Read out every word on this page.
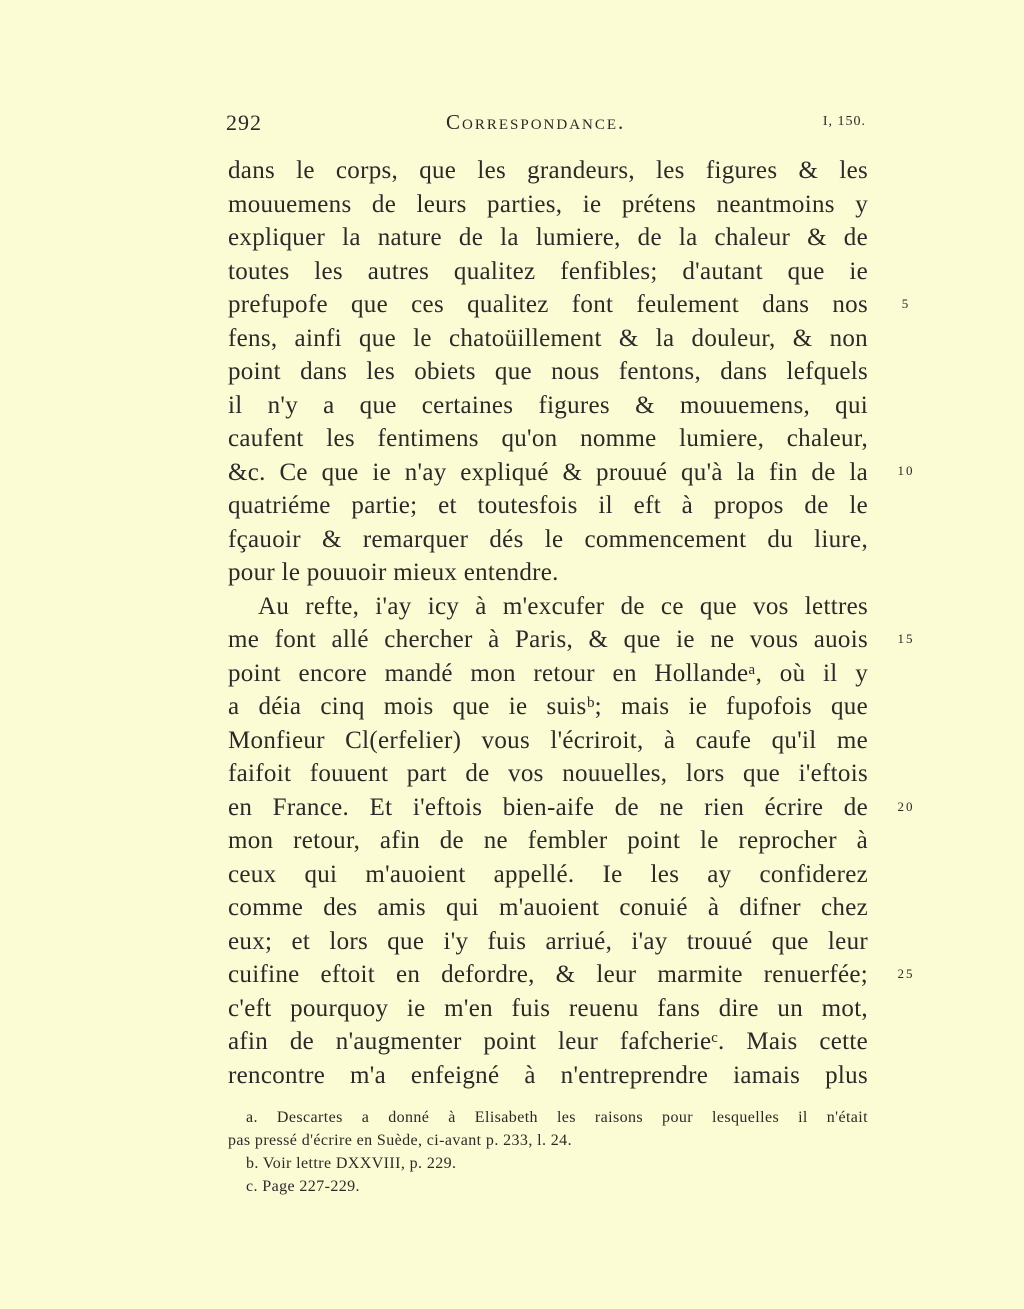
292	Correspondance.	I, 150.
dans le corps, que les grandeurs, les figures & les
mouuemens de leurs parties, ie prétens neantmoins y
expliquer la nature de la lumiere, de la chaleur & de
toutes les autres qualitez fenfibles; d'autant que ie
prefupofe que ces qualitez font feulement dans nos
fens, ainfi que le chatoüillement & la douleur, & non
point dans les obiets que nous fentons, dans lefquels
il n'y a que certaines figures & mouuemens, qui
caufent les fentimens qu'on nomme lumiere, chaleur,
&c. Ce que ie n'ay expliqué & prouué qu'à la fin de la
quatriéme partie; et toutesfois il eft à propos de le
fçauoir & remarquer dés le commencement du liure,
pour le pouuoir mieux entendre.
Au refte, i'ay icy à m'excufer de ce que vos lettres
me font allé chercher à Paris, & que ie ne vous auois
point encore mandé mon retour en Hollandeᵃ, où il y
a déia cinq mois que ie suisᵇ; mais ie fupofois que
Monfieur Cl(erfelier) vous l'écriroit, à caufe qu'il me
faifoit fouuent part de vos nouuelles, lors que i'eftois
en France. Et i'eftois bien-aife de ne rien écrire de
mon retour, afin de ne fembler point le reprocher à
ceux qui m'auoient appellé. Ie les ay confiderez
comme des amis qui m'auoient conuié à difner chez
eux; et lors que i'y fuis arriué, i'ay trouué que leur
cuifine eftoit en defordre, & leur marmite renuerfée;
c'eft pourquoy ie m'en fuis reuenu fans dire un mot,
afin de n'augmenter point leur fafcherieᶜ. Mais cette
rencontre m'a enfeigné à n'entreprendre iamais plus
5
10
15
20
25
a. Descartes a donné à Elisabeth les raisons pour lesquelles il n'était
pas pressé d'écrire en Suède, ci-avant p. 233, l. 24.
b. Voir lettre DXXVIII, p. 229.
c. Page 227-229.
